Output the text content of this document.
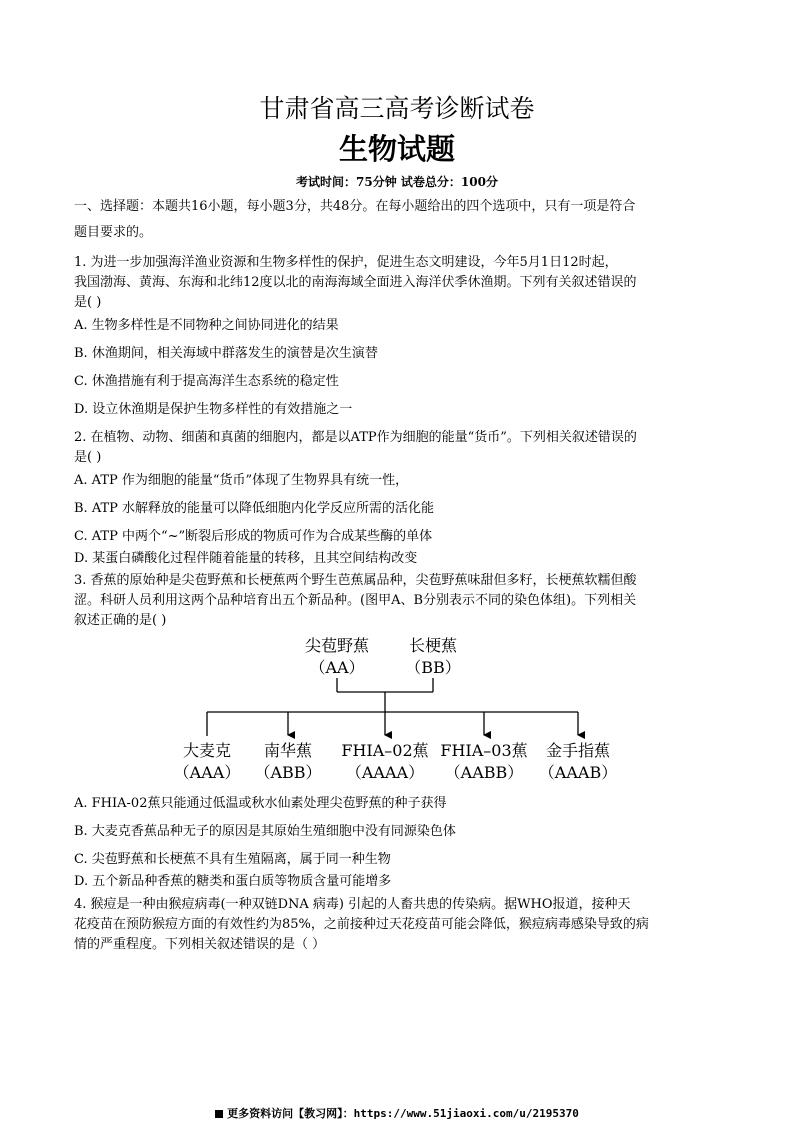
甘肃省高三高考诊断试卷
生物试题
考试时间：75分钟 试卷总分：100分
一、选择题：本题共16小题，每小题3分，共48分。在每小题给出的四个选项中，只有一项是符合
题目要求的。
1. 为进一步加强海洋渔业资源和生物多样性的保护，促进生态文明建设，今年5月1日12时起，
我国渤海、黄海、东海和北纬12度以北的南海海域全面进入海洋伏季休渔期。下列有关叙述错误的
是( )
A. 生物多样性是不同物种之间协同进化的结果
B. 休渔期间，相关海域中群落发生的演替是次生演替
C. 休渔措施有利于提高海洋生态系统的稳定性
D. 设立休渔期是保护生物多样性的有效措施之一
2. 在植物、动物、细菌和真菌的细胞内，都是以ATP作为细胞的能量“货币”。下列相关叙述错误的
是( )
A. ATP 作为细胞的能量“货币”体现了生物界具有统一性，
B. ATP 水解释放的能量可以降低细胞内化学反应所需的活化能
C. ATP 中两个“~”断裂后形成的物质可作为合成某些酶的单体
D. 某蛋白磷酸化过程伴随着能量的转移，且其空间结构改变
3. 香蕉的原始种是尖苞野蕉和长梗蕉两个野生芭蕉属品种，尖苞野蕉味甜但多籽，长梗蕉软糯但酸
涩。科研人员利用这两个品种培育出五个新品种。(图甲A、B分别表示不同的染色体组)。下列相关
叙述正确的是( )
尖苞野蕉
（AA）
长梗蕉
（BB）
大麦克
（AAA）
南华蕉
（ABB）
FHIA–02蕉
（AAAA）
FHIA–03蕉
（AABB）
金手指蕉
（AAAB）
A. FHIA-02蕉只能通过低温或秋水仙素处理尖苞野蕉的种子获得
B. 大麦克香蕉品种无子的原因是其原始生殖细胞中没有同源染色体
C. 尖苞野蕉和长梗蕉不具有生殖隔离，属于同一种生物
D. 五个新品种香蕉的糖类和蛋白质等物质含量可能增多
4. 猴痘是一种由猴痘病毒(一种双链DNA 病毒) 引起的人畜共患的传染病。据WHO报道，接种天
花疫苗在预防猴痘方面的有效性约为85%，之前接种过天花疫苗可能会降低，猴痘病毒感染导致的病
情的严重程度。下列相关叙述错误的是（ ）
更多资料访问【教习网】：https://www.51jiaoxi.com/u/2195370
